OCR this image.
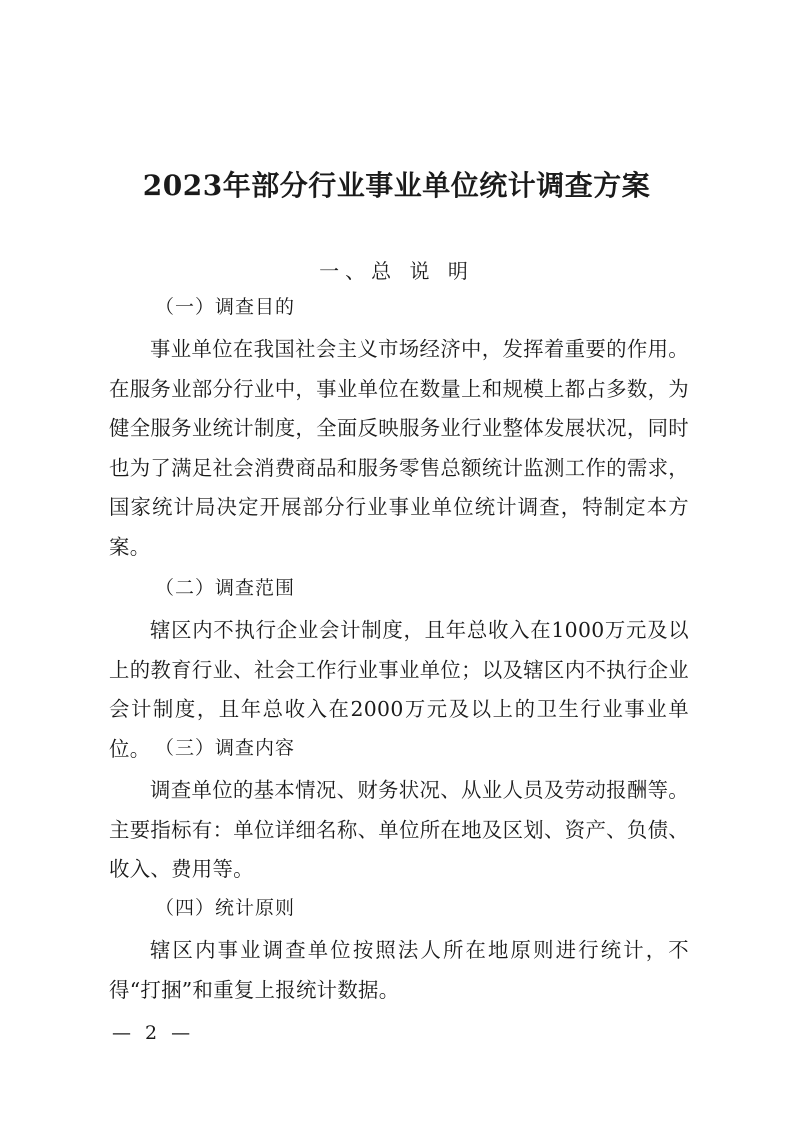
2023年部分行业事业单位统计调查方案
一、总 说 明
（一）调查目的
事业单位在我国社会主义市场经济中，发挥着重要的作用。在服务业部分行业中，事业单位在数量上和规模上都占多数，为健全服务业统计制度，全面反映服务业行业整体发展状况，同时也为了满足社会消费商品和服务零售总额统计监测工作的需求，国家统计局决定开展部分行业事业单位统计调查，特制定本方案。
（二）调查范围
辖区内不执行企业会计制度，且年总收入在1000万元及以上的教育行业、社会工作行业事业单位；以及辖区内不执行企业会计制度，且年总收入在2000万元及以上的卫生行业事业单位。 （三）调查内容
调查单位的基本情况、财务状况、从业人员及劳动报酬等。主要指标有：单位详细名称、单位所在地及区划、资产、负债、收入、费用等。
（四）统计原则
辖区内事业调查单位按照法人所在地原则进行统计，不得“打捆”和重复上报统计数据。
— 2 —
